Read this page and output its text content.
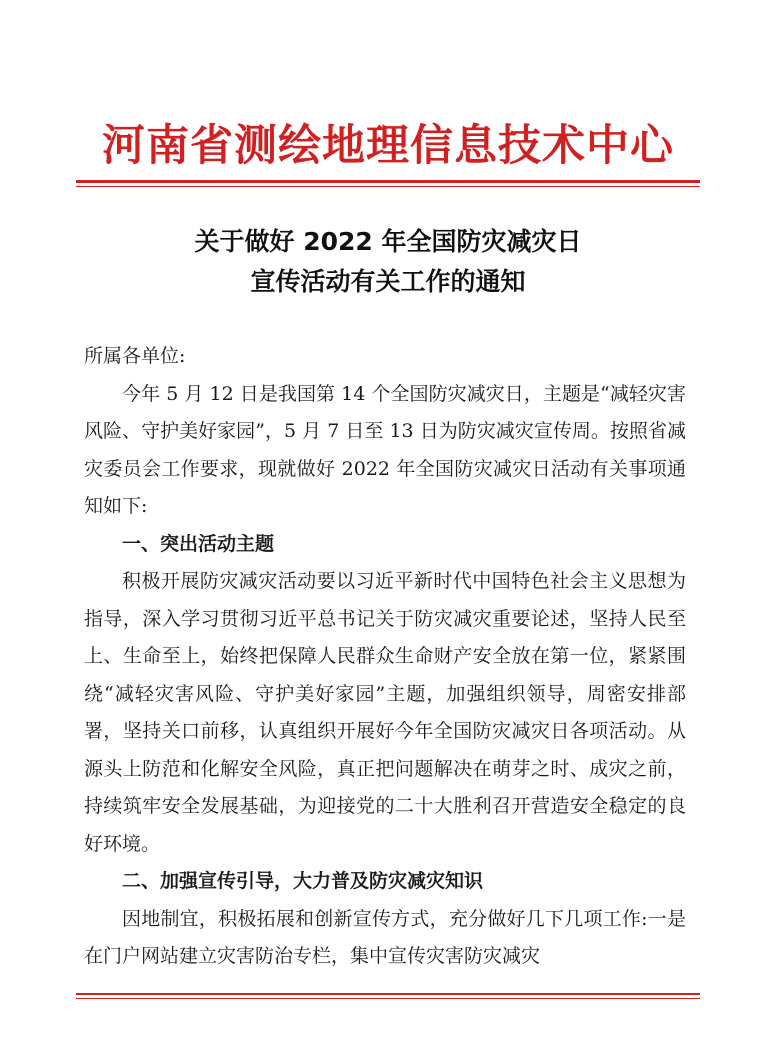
河南省测绘地理信息技术中心
关于做好 2022 年全国防灾减灾日
宣传活动有关工作的通知

所属各单位:

今年 5 月 12 日是我国第 14 个全国防灾减灾日，主题是“减轻灾害风险、守护美好家园”，5 月 7 日至 13 日为防灾减灾宣传周。按照省减灾委员会工作要求，现就做好 2022 年全国防灾减灾日活动有关事项通知如下:

一、突出活动主题

积极开展防灾减灾活动要以习近平新时代中国特色社会主义思想为指导，深入学习贯彻习近平总书记关于防灾减灾重要论述，坚持人民至上、生命至上，始终把保障人民群众生命财产安全放在第一位，紧紧围绕“减轻灾害风险、守护美好家园”主题，加强组织领导，周密安排部署，坚持关口前移，认真组织开展好今年全国防灾减灾日各项活动。从源头上防范和化解安全风险，真正把问题解决在萌芽之时、成灾之前，持续筑牢安全发展基础，为迎接党的二十大胜利召开营造安全稳定的良好环境。

二、加强宣传引导，大力普及防灾减灾知识

因地制宜，积极拓展和创新宣传方式，充分做好几下几项工作:一是在门户网站建立灾害防治专栏，集中宣传灾害防灾减灾
